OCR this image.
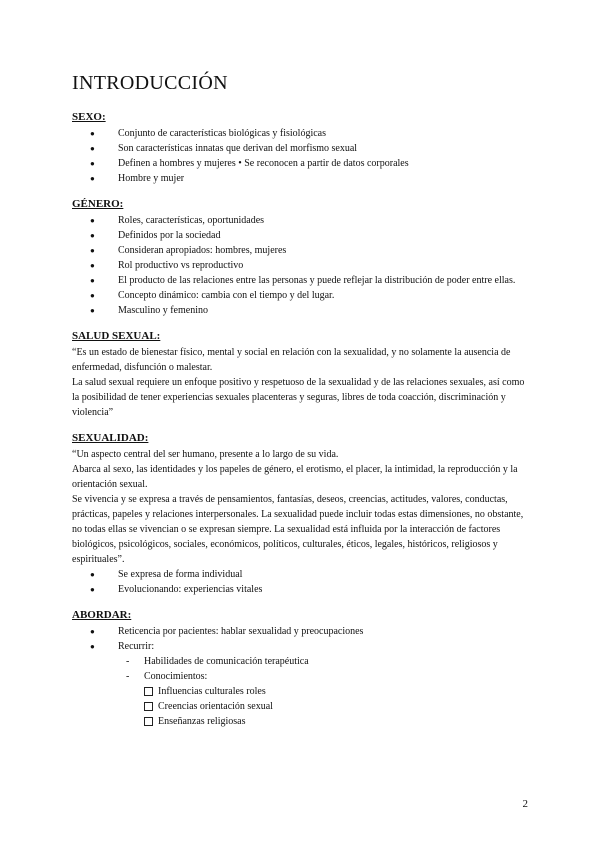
INTRODUCCIÓN

SEXO:

● Conjunto de características biológicas y fisiológicas
● Son características innatas que derivan del morfismo sexual
● Definen a hombres y mujeres • Se reconocen a partir de datos corporales
● Hombre y mujer

GÉNERO:

● Roles, características, oportunidades
● Definidos por la sociedad
● Consideran apropiados: hombres, mujeres
● Rol productivo vs reproductivo
● El producto de las relaciones entre las personas y puede reflejar la distribución de poder entre ellas.
● Concepto dinámico: cambia con el tiempo y del lugar.
● Masculino y femenino

SALUD SEXUAL:

“Es un estado de bienestar físico, mental y social en relación con la sexualidad, y no solamente la ausencia de enfermedad, disfunción o malestar.

La salud sexual requiere un enfoque positivo y respetuoso de la sexualidad y de las relaciones sexuales, así como la posibilidad de tener experiencias sexuales placenteras y seguras, libres de toda coacción, discriminación y violencia”

SEXUALIDAD:

“Un aspecto central del ser humano, presente a lo largo de su vida.

Abarca al sexo, las identidades y los papeles de género, el erotismo, el placer, la intimidad, la reproducción y la orientación sexual.

Se vivencia y se expresa a través de pensamientos, fantasías, deseos, creencias, actitudes, valores, conductas, prácticas, papeles y relaciones interpersonales. La sexualidad puede incluir todas estas dimensiones, no obstante, no todas ellas se vivencian o se expresan siempre. La sexualidad está influida por la interacción de factores biológicos, psicológicos, sociales, económicos, políticos, culturales, éticos, legales, históricos, religiosos y espirituales”.

● Se expresa de forma individual
● Evolucionando: experiencias vitales

ABORDAR:

● Reticencia por pacientes: hablar sexualidad y preocupaciones
● Recurrir:
- Habilidades de comunicación terapéutica
- Conocimientos:
Influencias culturales roles
Creencias orientación sexual
Enseñanzas religiosas
2
